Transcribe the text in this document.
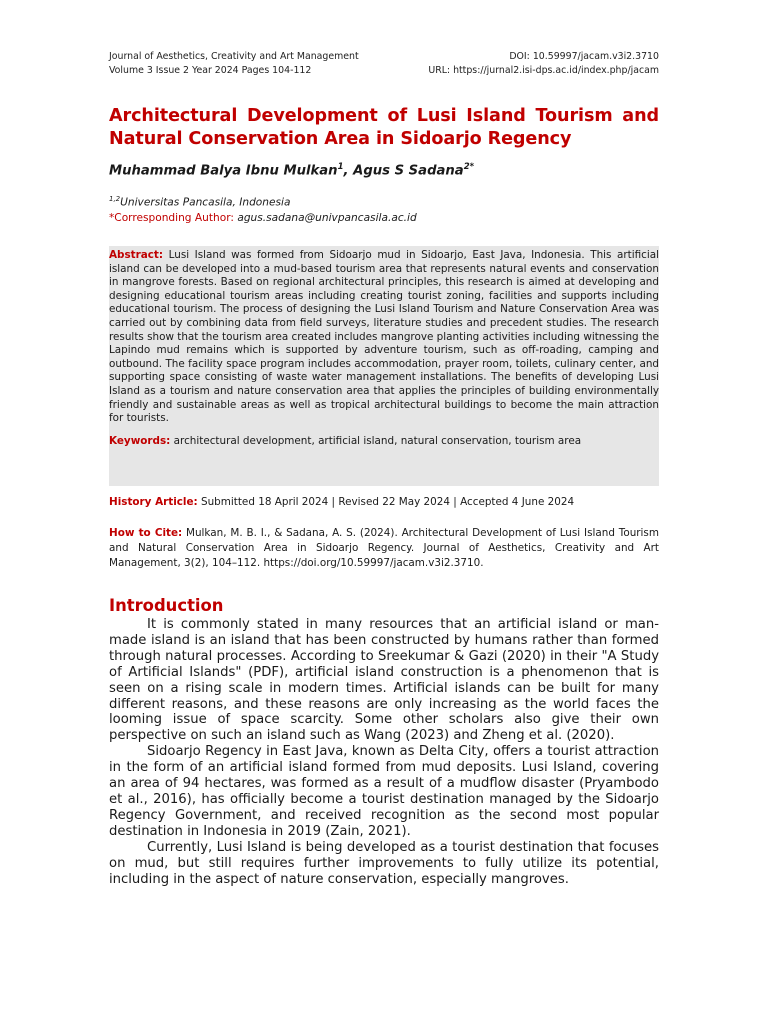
Journal of Aesthetics, Creativity and Art Management	DOI: 10.59997/jacam.v3i2.3710
Volume 3 Issue 2 Year 2024 Pages 104-112	URL: https://jurnal2.isi-dps.ac.id/index.php/jacam
Architectural Development of Lusi Island Tourism and Natural Conservation Area in Sidoarjo Regency
Muhammad Balya Ibnu Mulkan$^1$, Agus S Sadana$^{2*}$
$^{1,2}$Universitas Pancasila, Indonesia
*Corresponding Author: agus.sadana@univpancasila.ac.id

Abstract: Lusi Island was formed from Sidoarjo mud in Sidoarjo, East Java, Indonesia. This artificial island can be developed into a mud-based tourism area that represents natural events and conservation in mangrove forests. Based on regional architectural principles, this research is aimed at developing and designing educational tourism areas including creating tourist zoning, facilities and supports including educational tourism. The process of designing the Lusi Island Tourism and Nature Conservation Area was carried out by combining data from field surveys, literature studies and precedent studies. The research results show that the tourism area created includes mangrove planting activities including witnessing the Lapindo mud remains which is supported by adventure tourism, such as off-roading, camping and outbound. The facility space program includes accommodation, prayer room, toilets, culinary center, and supporting space consisting of waste water management installations. The benefits of developing Lusi Island as a tourism and nature conservation area that applies the principles of building environmentally friendly and sustainable areas as well as tropical architectural buildings to become the main attraction for tourists.

Keywords: architectural development, artificial island, natural conservation, tourism area

History Article: Submitted 18 April 2024 | Revised 22 May 2024 | Accepted 4 June 2024
How to Cite: Mulkan, M. B. I., & Sadana, A. S. (2024). Architectural Development of Lusi Island Tourism and Natural Conservation Area in Sidoarjo Regency. Journal of Aesthetics, Creativity and Art Management, 3(2), 104–112. https://doi.org/10.59997/jacam.v3i2.3710.
Introduction

It is commonly stated in many resources that an artificial island or man-made island is an island that has been constructed by humans rather than formed through natural processes. According to Sreekumar & Gazi (2020) in their "A Study of Artificial Islands" (PDF), artificial island construction is a phenomenon that is seen on a rising scale in modern times. Artificial islands can be built for many different reasons, and these reasons are only increasing as the world faces the looming issue of space scarcity. Some other scholars also give their own perspective on such an island such as Wang (2023) and Zheng et al. (2020).

Sidoarjo Regency in East Java, known as Delta City, offers a tourist attraction in the form of an artificial island formed from mud deposits. Lusi Island, covering an area of 94 hectares, was formed as a result of a mudflow disaster (Pryambodo et al., 2016), has officially become a tourist destination managed by the Sidoarjo Regency Government, and received recognition as the second most popular destination in Indonesia in 2019 (Zain, 2021).

Currently, Lusi Island is being developed as a tourist destination that focuses on mud, but still requires further improvements to fully utilize its potential, including in the aspect of nature conservation, especially mangroves.
